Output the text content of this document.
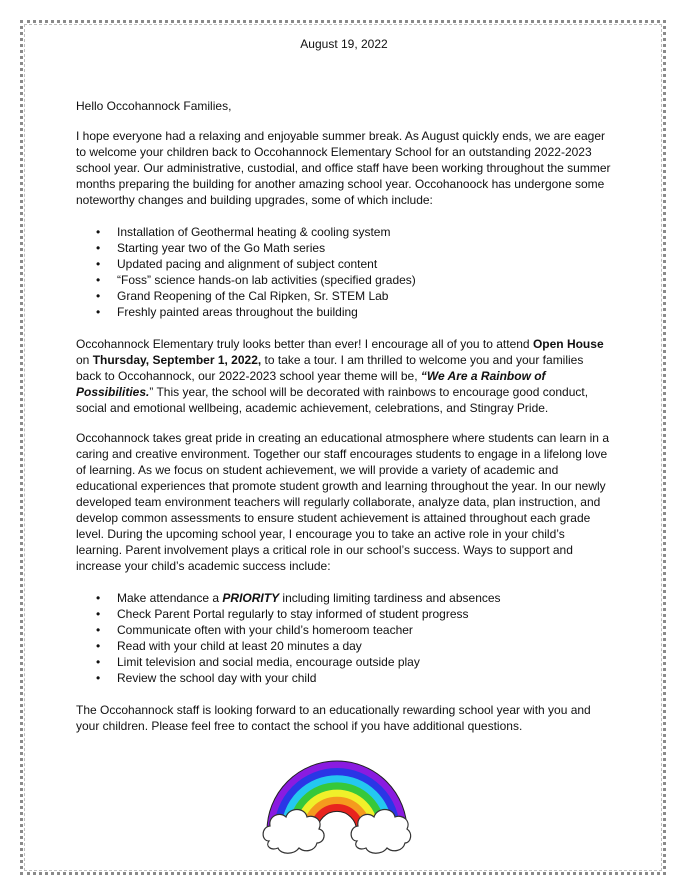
August 19, 2022
Hello Occohannock Families,

I hope everyone had a relaxing and enjoyable summer break. As August quickly ends, we are eager to welcome your children back to Occohannock Elementary School for an outstanding 2022-2023 school year. Our administrative, custodial, and office staff have been working throughout the summer months preparing the building for another amazing school year. Occohanoock has undergone some noteworthy changes and building upgrades, some of which include:

• Installation of Geothermal heating & cooling system
• Starting year two of the Go Math series
• Updated pacing and alignment of subject content
• “Foss” science hands-on lab activities (specified grades)
• Grand Reopening of the Cal Ripken, Sr. STEM Lab
• Freshly painted areas throughout the building

Occohannock Elementary truly looks better than ever! I encourage all of you to attend Open House on Thursday, September 1, 2022, to take a tour. I am thrilled to welcome you and your families back to Occohannock, our 2022-2023 school year theme will be, “We Are a Rainbow of Possibilities.” This year, the school will be decorated with rainbows to encourage good conduct, social and emotional wellbeing, academic achievement, celebrations, and Stingray Pride.

Occohannock takes great pride in creating an educational atmosphere where students can learn in a caring and creative environment. Together our staff encourages students to engage in a lifelong love of learning. As we focus on student achievement, we will provide a variety of academic and educational experiences that promote student growth and learning throughout the year. In our newly developed team environment teachers will regularly collaborate, analyze data, plan instruction, and develop common assessments to ensure student achievement is attained throughout each grade level. During the upcoming school year, I encourage you to take an active role in your child’s learning. Parent involvement plays a critical role in our school’s success. Ways to support and increase your child’s academic success include:

• Make attendance a PRIORITY including limiting tardiness and absences
• Check Parent Portal regularly to stay informed of student progress
• Communicate often with your child’s homeroom teacher
• Read with your child at least 20 minutes a day
• Limit television and social media, encourage outside play
• Review the school day with your child

The Occohannock staff is looking forward to an educationally rewarding school year with you and your children. Please feel free to contact the school if you have additional questions.
